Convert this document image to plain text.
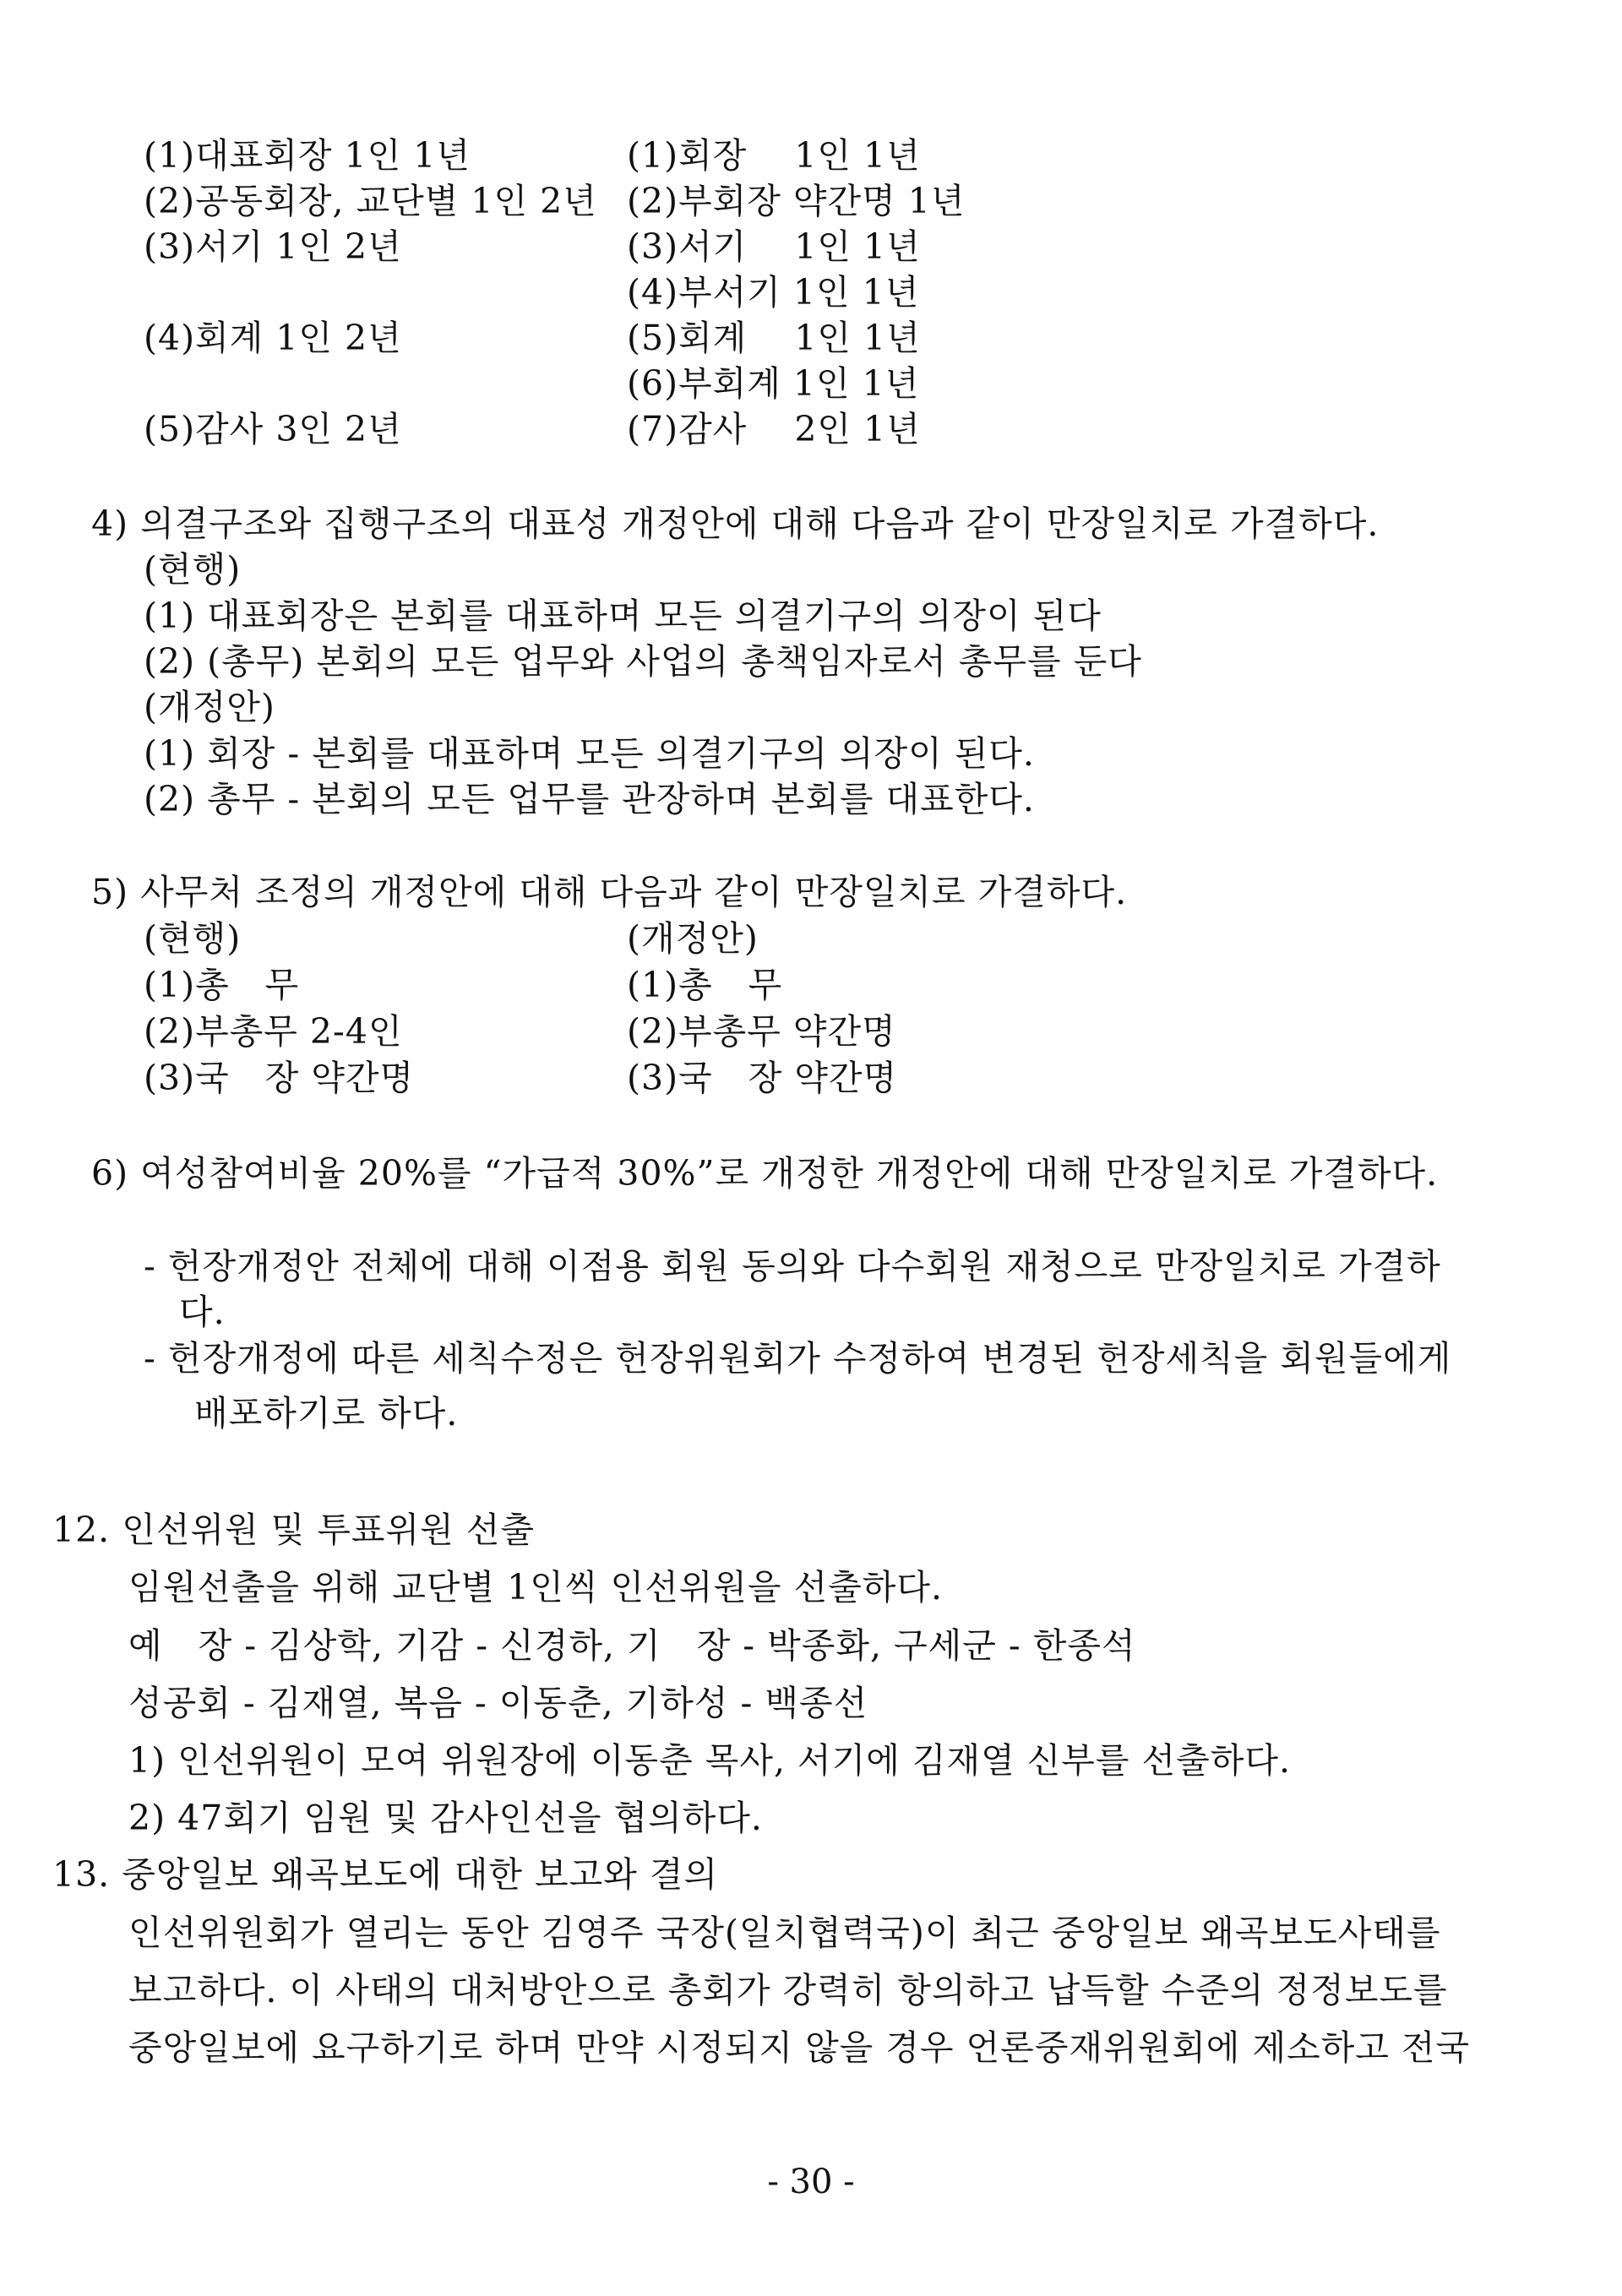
(1)대표회장 1인 1년
(2)공동회장, 교단별 1인 2년
(3)서기 1인 2년
(4)회계 1인 2년
(5)감사 3인 2년
(1)회장　 1인 1년
(2)부회장 약간명 1년
(3)서기　 1인 1년
(4)부서기 1인 1년
(5)회계　 1인 1년
(6)부회계 1인 1년
(7)감사　 2인 1년
4) 의결구조와 집행구조의 대표성 개정안에 대해 다음과 같이 만장일치로 가결하다.
(현행)
(1) 대표회장은 본회를 대표하며 모든 의결기구의 의장이 된다
(2) (총무) 본회의 모든 업무와 사업의 총책임자로서 총무를 둔다
(개정안)
(1) 회장 - 본회를 대표하며 모든 의결기구의 의장이 된다.
(2) 총무 - 본회의 모든 업무를 관장하며 본회를 대표한다.
5) 사무처 조정의 개정안에 대해 다음과 같이 만장일치로 가결하다.
(현행)
(1)총　무
(2)부총무 2-4인
(3)국　장 약간명
(개정안)
(1)총　무
(2)부총무 약간명
(3)국　장 약간명
6) 여성참여비율 20%를 “가급적 30%”로 개정한 개정안에 대해 만장일치로 가결하다.
- 헌장개정안 전체에 대해 이점용 회원 동의와 다수회원 재청으로 만장일치로 가결하
다.
- 헌장개정에 따른 세칙수정은 헌장위원회가 수정하여 변경된 헌장세칙을 회원들에게
배포하기로 하다.
12. 인선위원 및 투표위원 선출
임원선출을 위해 교단별 1인씩 인선위원을 선출하다.
예　장 - 김상학, 기감 - 신경하, 기　장 - 박종화, 구세군 - 한종석
성공회 - 김재열, 복음 - 이동춘, 기하성 - 백종선
1) 인선위원이 모여 위원장에 이동춘 목사, 서기에 김재열 신부를 선출하다.
2) 47회기 임원 및 감사인선을 협의하다.
13. 중앙일보 왜곡보도에 대한 보고와 결의
인선위원회가 열리는 동안 김영주 국장(일치협력국)이 최근 중앙일보 왜곡보도사태를
보고하다. 이 사태의 대처방안으로 총회가 강력히 항의하고 납득할 수준의 정정보도를
중앙일보에 요구하기로 하며 만약 시정되지 않을 경우 언론중재위원회에 제소하고 전국
- 30 -
